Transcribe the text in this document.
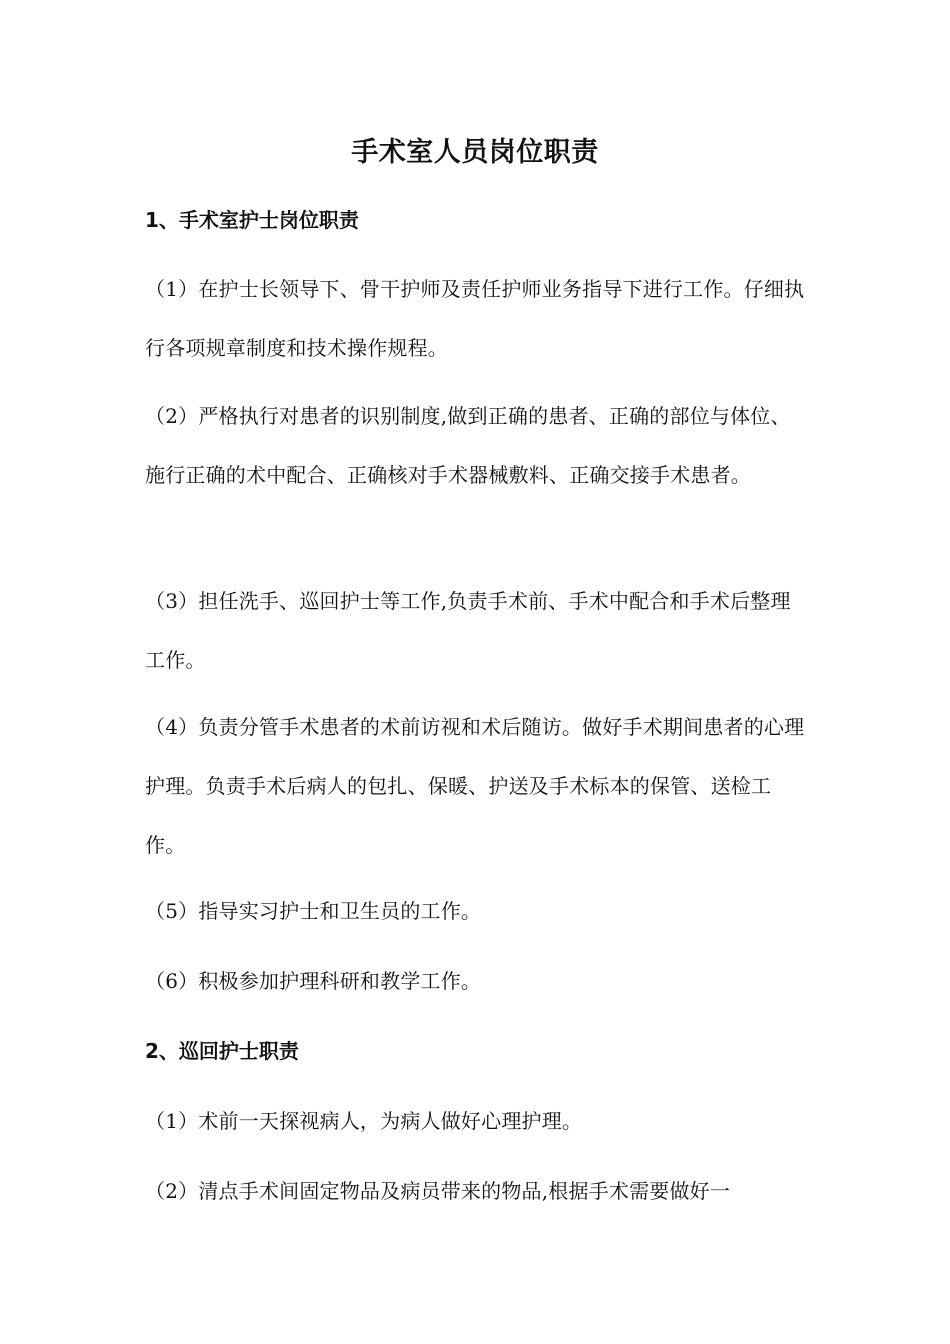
手术室人员岗位职责
1、手术室护士岗位职责
（1）在护士长领导下、骨干护师及责任护师业务指导下进行工作。仔细执行各项规章制度和技术操作规程。
（2）严格执行对患者的识别制度,做到正确的患者、正确的部位与体位、施行正确的术中配合、正确核对手术器械敷料、正确交接手术患者。
（3）担任洗手、巡回护士等工作,负责手术前、手术中配合和手术后整理工作。
（4）负责分管手术患者的术前访视和术后随访。做好手术期间患者的心理护理。负责手术后病人的包扎、保暖、护送及手术标本的保管、送检工作。
（5）指导实习护士和卫生员的工作。
（6）积极参加护理科研和教学工作。
2、巡回护士职责
（1）术前一天探视病人，为病人做好心理护理。
（2）清点手术间固定物品及病员带来的物品,根据手术需要做好一
